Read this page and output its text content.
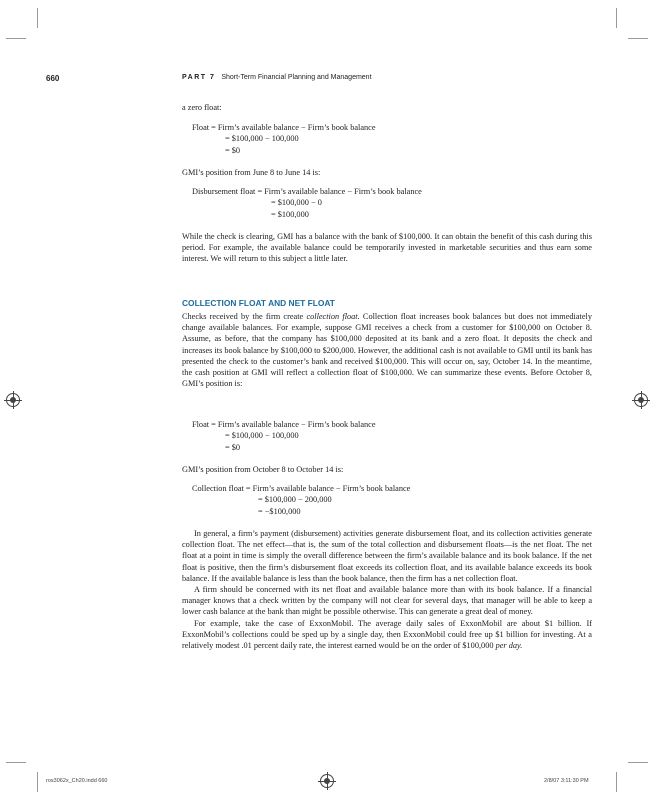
660	PART 7 Short-Term Financial Planning and Management

a zero float:

Float = Firm’s available balance − Firm’s book balance
= $100,000 − 100,000
= $0

GMI’s position from June 8 to June 14 is:

Disbursement float = Firm’s available balance − Firm’s book balance
= $100,000 − 0
= $100,000

While the check is clearing, GMI has a balance with the bank of $100,000. It can obtain the benefit of this cash during this period. For example, the available balance could be temporarily invested in marketable securities and thus earn some interest. We will return to this subject a little later.

COLLECTION FLOAT AND NET FLOAT

Checks received by the firm create collection float. Collection float increases book balances but does not immediately change available balances. For example, suppose GMI receives a check from a customer for $100,000 on October 8. Assume, as before, that the company has $100,000 deposited at its bank and a zero float. It deposits the check and increases its book balance by $100,000 to $200,000. However, the additional cash is not available to GMI until its bank has presented the check to the customer’s bank and received $100,000. This will occur on, say, October 14. In the meantime, the cash position at GMI will reflect a collection float of $100,000. We can summarize these events. Before October 8, GMI’s position is:

Float = Firm’s available balance − Firm’s book balance
= $100,000 − 100,000
= $0

GMI’s position from October 8 to October 14 is:

Collection float = Firm’s available balance − Firm’s book balance
= $100,000 − 200,000
= −$100,000

In general, a firm’s payment (disbursement) activities generate disbursement float, and its collection activities generate collection float. The net effect—that is, the sum of the total collection and disbursement floats—is the net float. The net float at a point in time is simply the overall difference between the firm’s available balance and its book balance. If the net float is positive, then the firm’s disbursement float exceeds its collection float, and its available balance exceeds its book balance. If the available balance is less than the book balance, then the firm has a net collection float.

A firm should be concerned with its net float and available balance more than with its book balance. If a financial manager knows that a check written by the company will not clear for several days, that manager will be able to keep a lower cash balance at the bank than might be possible otherwise. This can generate a great deal of money.

For example, take the case of ExxonMobil. The average daily sales of ExxonMobil are about $1 billion. If ExxonMobil’s collections could be sped up by a single day, then ExxonMobil could free up $1 billion for investing. At a relatively modest .01 percent daily rate, the interest earned would be on the order of $100,000 per day.

ros3062x_Ch20.indd 660	2/8/07 3:11:30 PM
